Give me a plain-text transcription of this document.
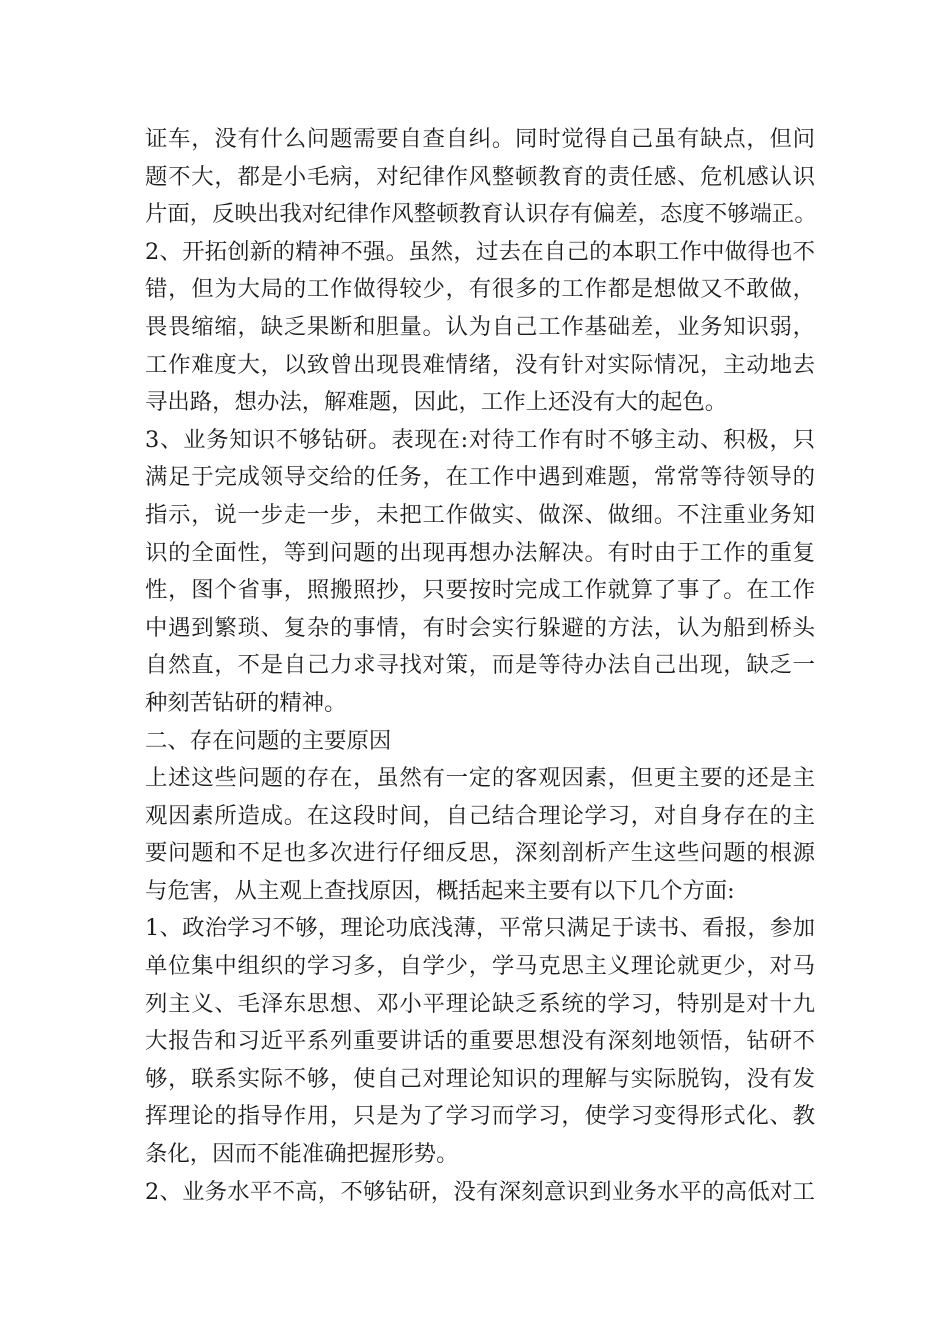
证车，没有什么问题需要自查自纠。同时觉得自己虽有缺点，但问
题不大，都是小毛病，对纪律作风整顿教育的责任感、危机感认识
片面，反映出我对纪律作风整顿教育认识存有偏差，态度不够端正。
2、开拓创新的精神不强。虽然，过去在自己的本职工作中做得也不
错，但为大局的工作做得较少，有很多的工作都是想做又不敢做，
畏畏缩缩，缺乏果断和胆量。认为自己工作基础差，业务知识弱，
工作难度大，以致曾出现畏难情绪，没有针对实际情况，主动地去
寻出路，想办法，解难题，因此，工作上还没有大的起色。
3、业务知识不够钻研。表现在:对待工作有时不够主动、积极，只
满足于完成领导交给的任务，在工作中遇到难题，常常等待领导的
指示，说一步走一步，未把工作做实、做深、做细。不注重业务知
识的全面性，等到问题的出现再想办法解决。有时由于工作的重复
性，图个省事，照搬照抄，只要按时完成工作就算了事了。在工作
中遇到繁琐、复杂的事情，有时会实行躲避的方法，认为船到桥头
自然直，不是自己力求寻找对策，而是等待办法自己出现，缺乏一
种刻苦钻研的精神。
二、存在问题的主要原因
上述这些问题的存在，虽然有一定的客观因素，但更主要的还是主
观因素所造成。在这段时间，自己结合理论学习，对自身存在的主
要问题和不足也多次进行仔细反思，深刻剖析产生这些问题的根源
与危害，从主观上查找原因，概括起来主要有以下几个方面:
1、政治学习不够，理论功底浅薄，平常只满足于读书、看报，参加
单位集中组织的学习多，自学少，学马克思主义理论就更少，对马
列主义、毛泽东思想、邓小平理论缺乏系统的学习，特别是对十九
大报告和习近平系列重要讲话的重要思想没有深刻地领悟，钻研不
够，联系实际不够，使自己对理论知识的理解与实际脱钩，没有发
挥理论的指导作用，只是为了学习而学习，使学习变得形式化、教
条化，因而不能准确把握形势。
2、业务水平不高，不够钻研，没有深刻意识到业务水平的高低对工
